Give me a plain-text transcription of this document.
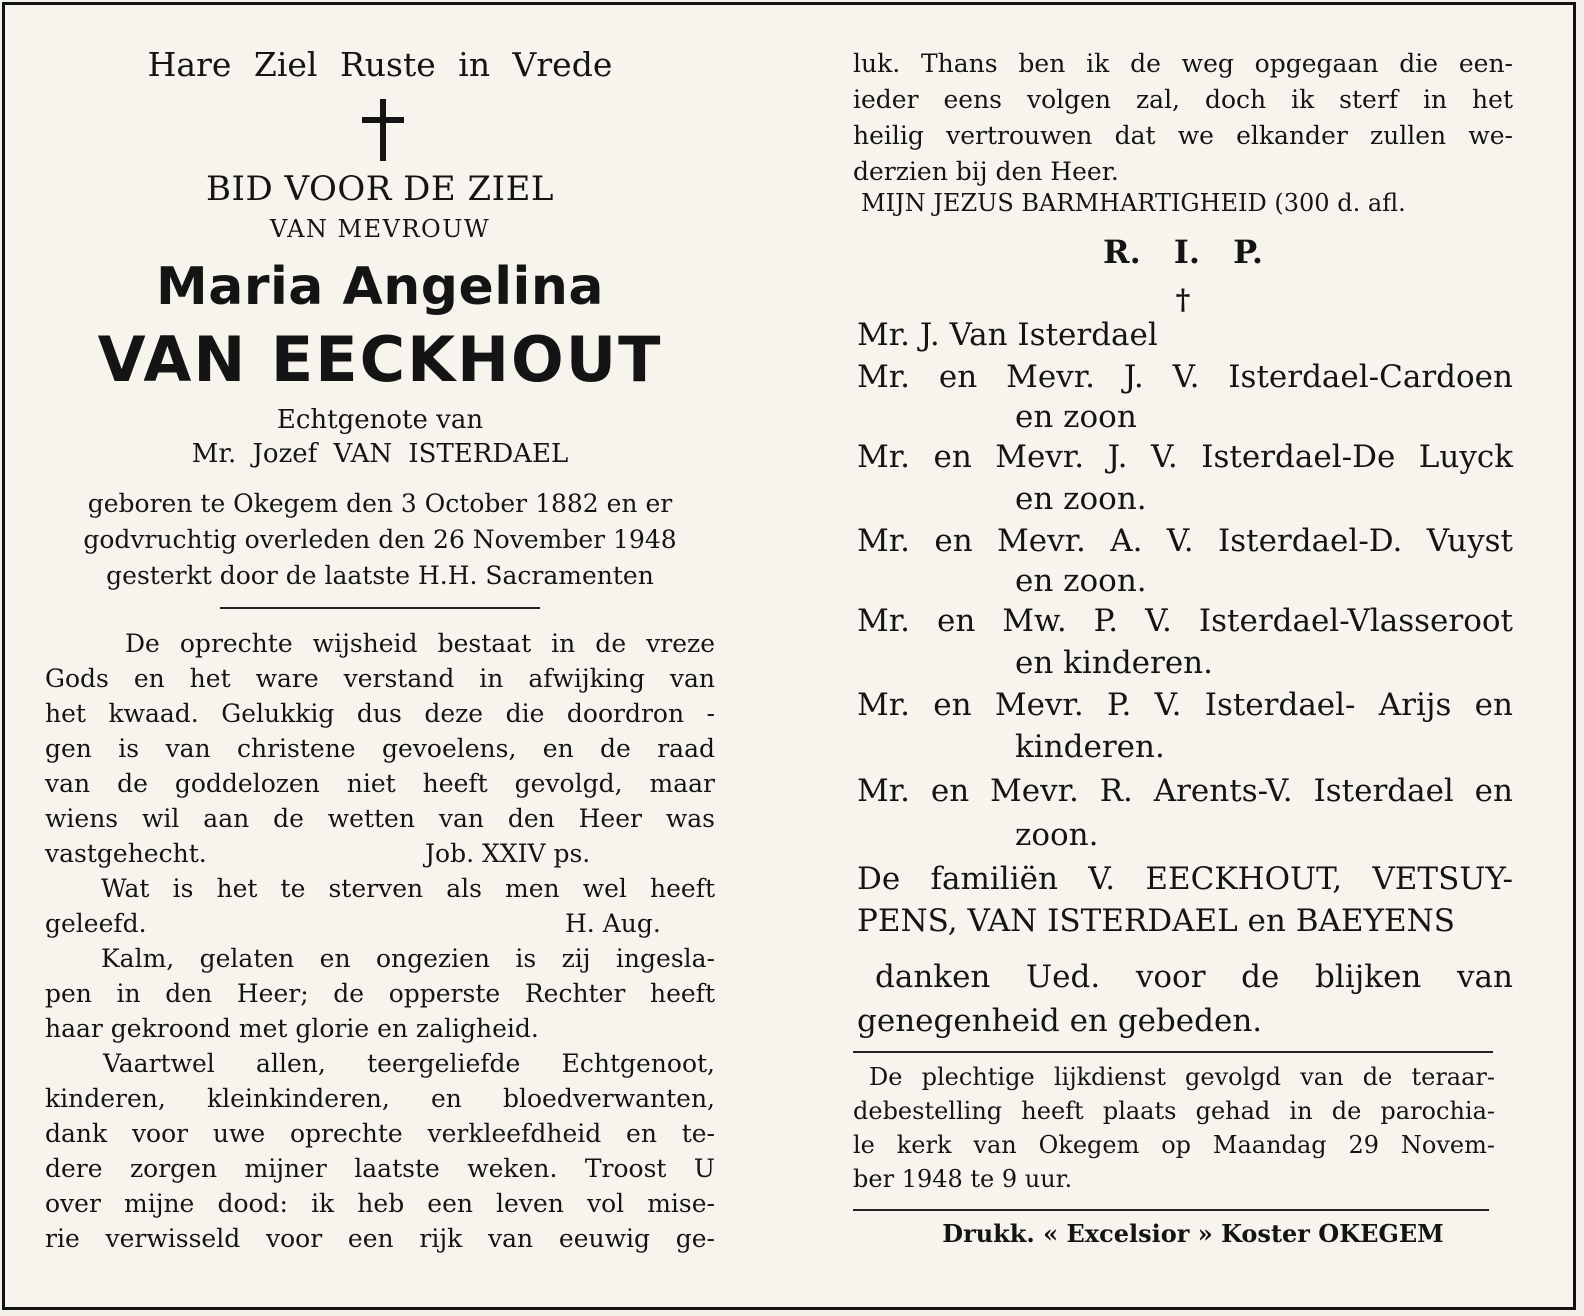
Hare Ziel Ruste in Vrede

BID VOOR DE ZIEL

VAN MEVROUW

Maria Angelina

VAN EECKHOUT

Echtgenote van

Mr. Jozef VAN ISTERDAEL

geboren te Okegem den 3 October 1882 en er

godvruchtig overleden den 26 November 1948

gesterkt door de laatste H.H. Sacramenten

De oprechte wijsheid bestaat in de vreze

Gods en het ware verstand in afwijking van

het kwaad. Gelukkig dus deze die doordron -

gen is van christene gevoelens, en de raad

van de goddelozen niet heeft gevolgd, maar

wiens wil aan de wetten van den Heer was

vastgehecht.	Job. XXIV ps.

Wat is het te sterven als men wel heeft

geleefd.	H. Aug.

Kalm, gelaten en ongezien is zij ingesla-

pen in den Heer; de opperste Rechter heeft

haar gekroond met glorie en zaligheid.

Vaartwel allen, teergeliefde Echtgenoot,

kinderen, kleinkinderen, en bloedverwanten,

dank voor uwe oprechte verkleefdheid en te-

dere zorgen mijner laatste weken. Troost U

over mijne dood: ik heb een leven vol mise-

rie verwisseld voor een rijk van eeuwig ge-

luk. Thans ben ik de weg opgegaan die een-

ieder eens volgen zal, doch ik sterf in het

heilig vertrouwen dat we elkander zullen we-

derzien bij den Heer.

MIJN JEZUS BARMHARTIGHEID (300 d. afl.

R. I. P.

†

Mr. J. Van Isterdael

Mr. en Mevr. J. V. Isterdael-Cardoen

en zoon

Mr. en Mevr. J. V. Isterdael-De Luyck

en zoon.

Mr. en Mevr. A. V. Isterdael-D. Vuyst

en zoon.

Mr. en Mw. P. V. Isterdael-Vlasseroot

en kinderen.

Mr. en Mevr. P. V. Isterdael- Arijs en

kinderen.

Mr. en Mevr. R. Arents-V. Isterdael en

zoon.

De familiën V. EECKHOUT, VETSUY-

PENS, VAN ISTERDAEL en BAEYENS

danken Ued. voor de blijken van

genegenheid en gebeden.

De plechtige lijkdienst gevolgd van de teraar-

debestelling heeft plaats gehad in de parochia-

le kerk van Okegem op Maandag 29 Novem-

ber 1948 te 9 uur.

Drukk. « Excelsior » Koster OKEGEM
